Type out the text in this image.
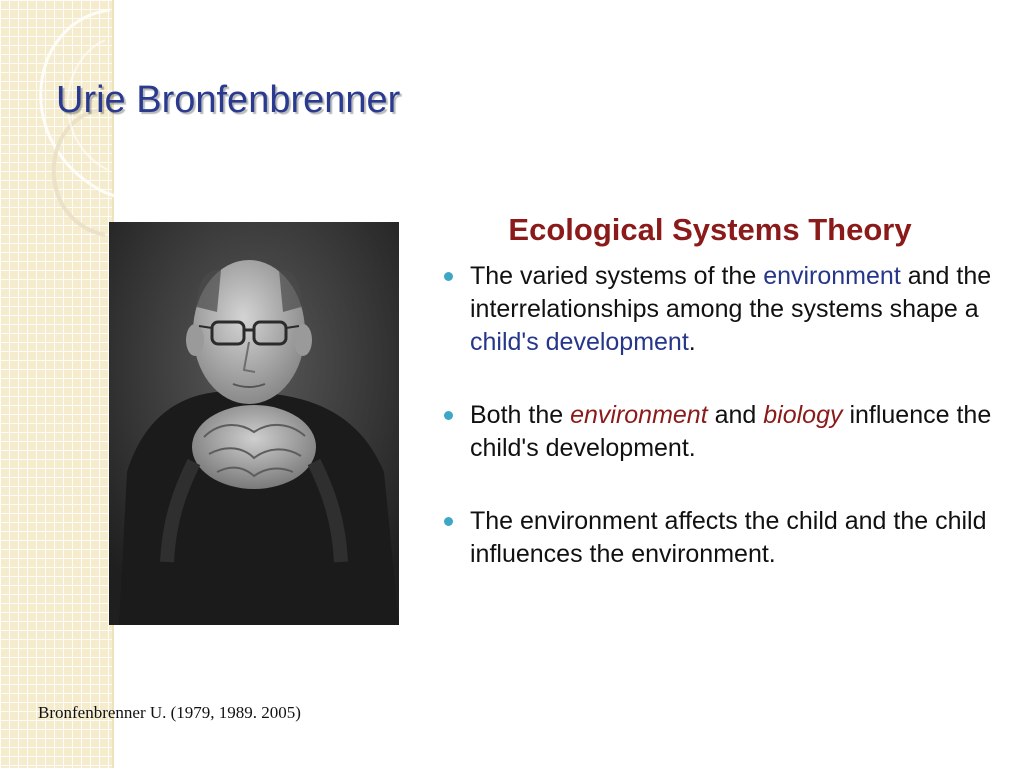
Urie Bronfenbrenner
Ecological Systems Theory
The varied systems of the environment and the interrelationships among the systems shape a child's development.
Both the environment and biology influence the child's development.
The environment affects the child and the child influences the environment.

Bronfenbrenner U. (1979, 1989. 2005)
